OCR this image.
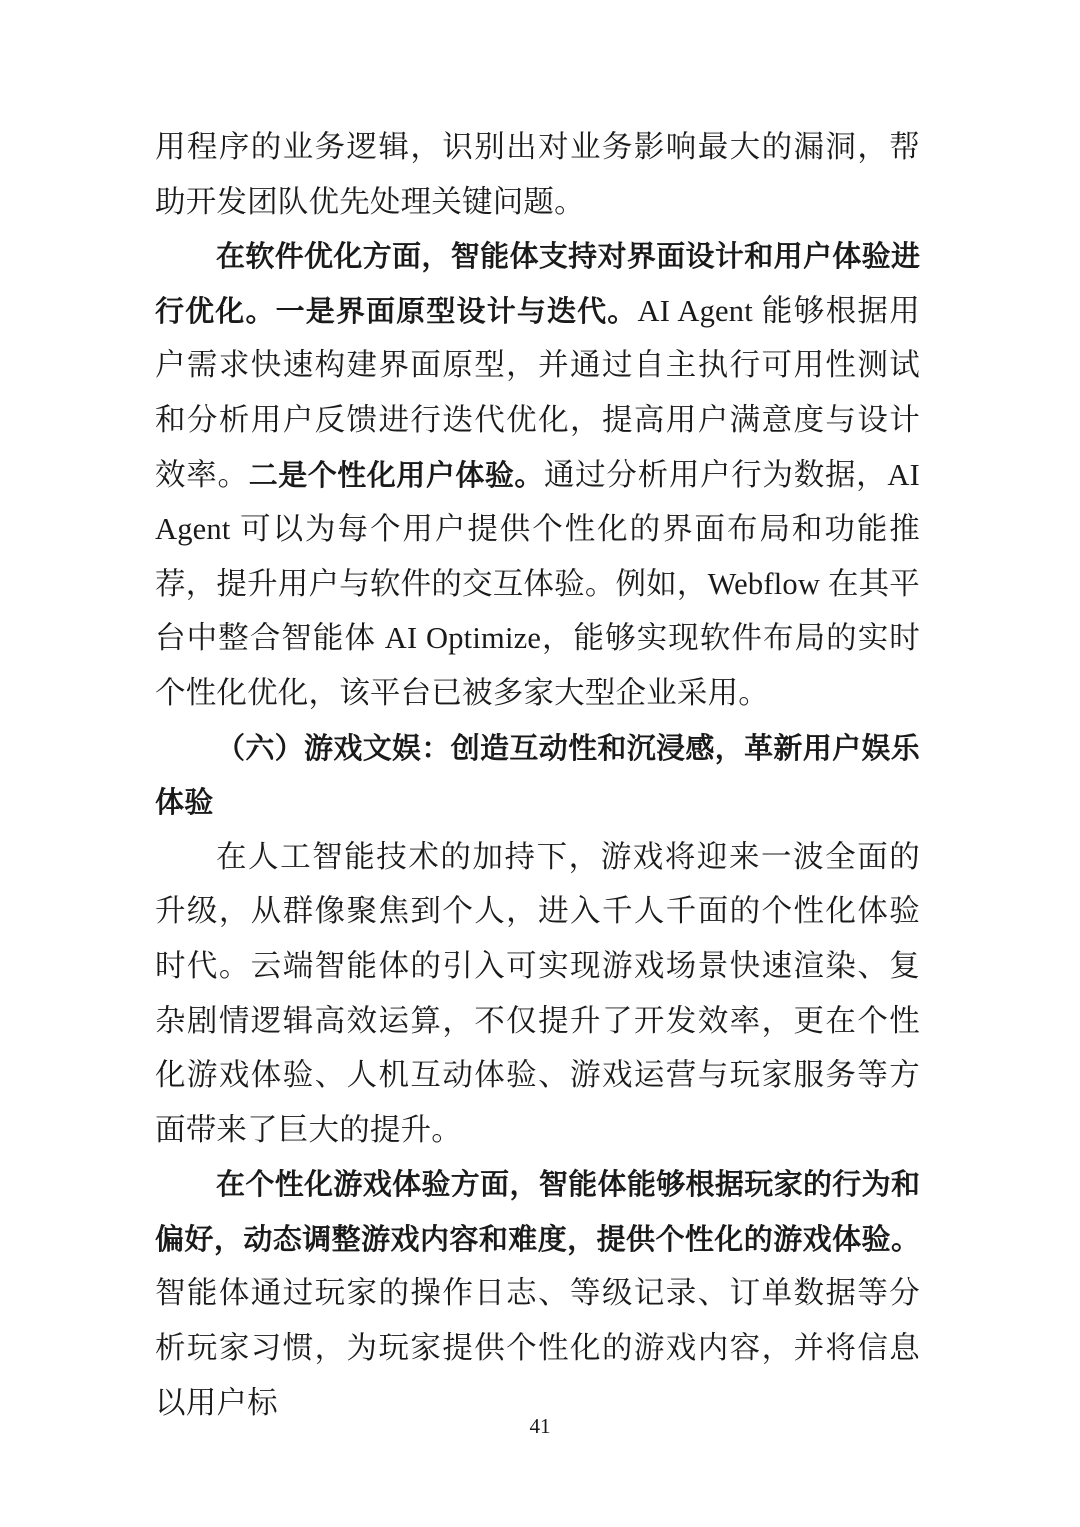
用程序的业务逻辑，识别出对业务影响最大的漏洞，帮助开发团队优先处理关键问题。

在软件优化方面，智能体支持对界面设计和用户体验进行优化。一是界面原型设计与迭代。AI Agent 能够根据用户需求快速构建界面原型，并通过自主执行可用性测试和分析用户反馈进行迭代优化，提高用户满意度与设计效率。二是个性化用户体验。通过分析用户行为数据，AI Agent 可以为每个用户提供个性化的界面布局和功能推荐，提升用户与软件的交互体验。例如，Webflow 在其平台中整合智能体 AI Optimize，能够实现软件布局的实时个性化优化，该平台已被多家大型企业采用。

（六）游戏文娱：创造互动性和沉浸感，革新用户娱乐体验

在人工智能技术的加持下，游戏将迎来一波全面的升级，从群像聚焦到个人，进入千人千面的个性化体验时代。云端智能体的引入可实现游戏场景快速渲染、复杂剧情逻辑高效运算，不仅提升了开发效率，更在个性化游戏体验、人机互动体验、游戏运营与玩家服务等方面带来了巨大的提升。

在个性化游戏体验方面，智能体能够根据玩家的行为和偏好，动态调整游戏内容和难度，提供个性化的游戏体验。智能体通过玩家的操作日志、等级记录、订单数据等分析玩家习惯，为玩家提供个性化的游戏内容，并将信息以用户标

41
